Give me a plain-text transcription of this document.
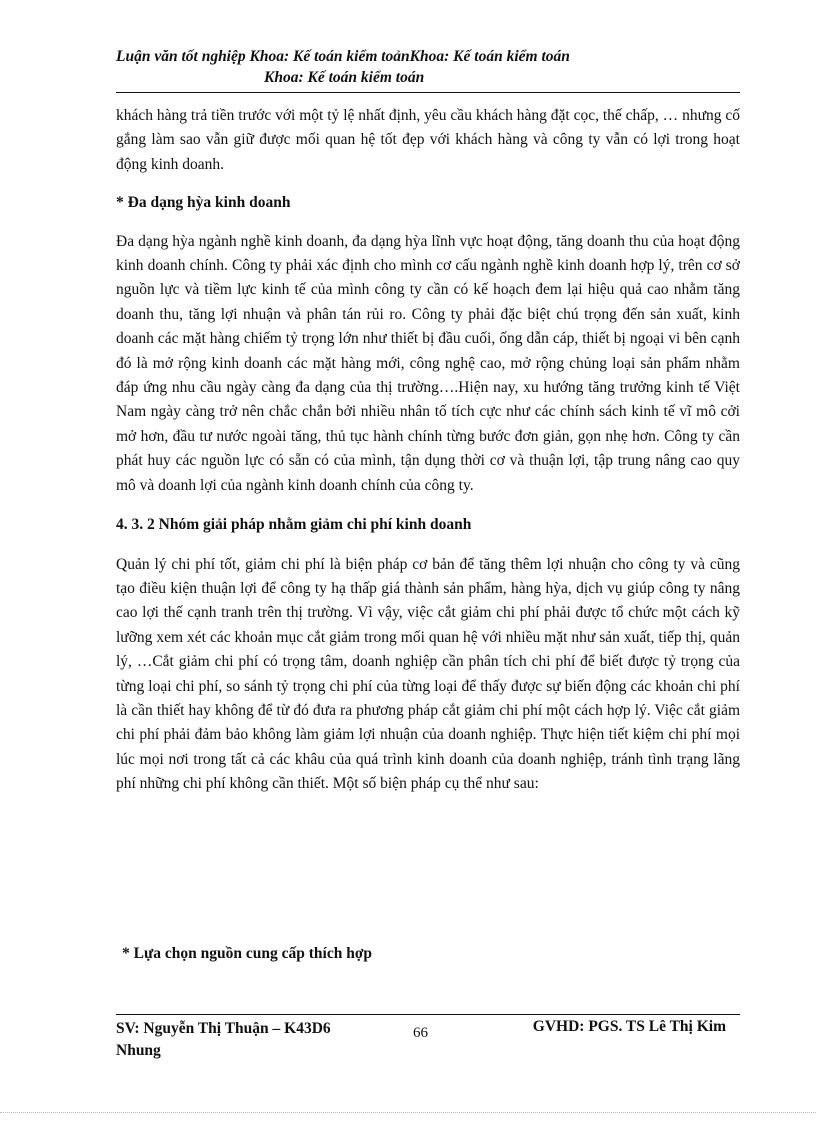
Luận văn tốt nghiệp Khoa: Kế toán kiểm toảnKhoa: Kế toán kiểm toán
Khoa: Kế toán kiểm toán

khách hàng trả tiền trước với một tỷ lệ nhất định, yêu cầu khách hàng đặt cọc, thế chấp, … nhưng cố gắng làm sao vẫn giữ được mối quan hệ tốt đẹp với khách hàng và công ty vẫn có lợi trong hoạt động kinh doanh.

* Đa dạng hỳa kinh doanh

Đa dạng hỳa ngành nghề kinh doanh, đa dạng hỳa lĩnh vực hoạt động, tăng doanh thu của hoạt động kinh doanh chính. Công ty phải xác định cho mình cơ cấu ngành nghề kinh doanh hợp lý, trên cơ sở nguồn lực và tiềm lực kinh tế của mình công ty cần có kế hoạch đem lại hiệu quả cao nhằm tăng doanh thu, tăng lợi nhuận và phân tán rủi ro. Công ty phải đặc biệt chú trọng đến sản xuất, kinh doanh các mặt hàng chiếm tỷ trọng lớn như thiết bị đầu cuối, ống dẫn cáp, thiết bị ngoại vi bên cạnh đó là mở rộng kinh doanh các mặt hàng mới, công nghệ cao, mở rộng chủng loại sản phẩm nhằm đáp ứng nhu cầu ngày càng đa dạng của thị trường….Hiện nay, xu hướng tăng trưởng kinh tế Việt Nam ngày càng trở nên chắc chắn bởi nhiều nhân tố tích cực như các chính sách kinh tế vĩ mô cởi mở hơn, đầu tư nước ngoài tăng, thủ tục hành chính từng bước đơn giản, gọn nhẹ hơn. Công ty cần phát huy các nguồn lực có sẵn có của mình, tận dụng thời cơ và thuận lợi, tập trung nâng cao quy mô và doanh lợi của ngành kinh doanh chính của công ty.

4. 3. 2 Nhóm giải pháp nhằm giảm chi phí kinh doanh

Quản lý chi phí tốt, giảm chi phí là biện pháp cơ bản để tăng thêm lợi nhuận cho công ty và cũng tạo điều kiện thuận lợi để công ty hạ thấp giá thành sản phẩm, hàng hỳa, dịch vụ giúp công ty nâng cao lợi thế cạnh tranh trên thị trường. Vì vậy, việc cắt giảm chi phí phải được tổ chức một cách kỹ lưỡng xem xét các khoản mục cắt giảm trong mối quan hệ với nhiều mặt như sản xuất, tiếp thị, quản lý, …Cắt giảm chi phí có trọng tâm, doanh nghiệp cần phân tích chi phí để biết được tỷ trọng của từng loại chi phí, so sánh tỷ trọng chi phí của từng loại để thấy được sự biến động các khoản chi phí là cần thiết hay không để từ đó đưa ra phương pháp cắt giảm chi phí một cách hợp lý. Việc cắt giảm chi phí phải đảm bảo không làm giảm lợi nhuận của doanh nghiệp. Thực hiện tiết kiệm chi phí mọi lúc mọi nơi trong tất cả các khâu của quá trình kinh doanh của doanh nghiệp, tránh tình trạng lãng phí những chi phí không cần thiết. Một số biện pháp cụ thể như sau:

* Lựa chọn nguồn cung cấp thích hợp
SV: Nguyễn Thị Thuận – K43D6
Nhung
66	GVHD: PGS. TS Lê Thị Kim
